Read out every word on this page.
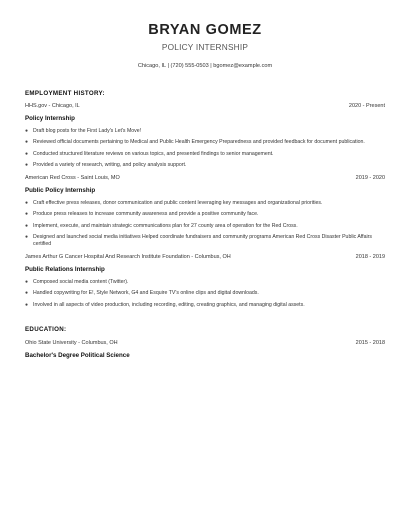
BRYAN GOMEZ
POLICY INTERNSHIP
Chicago, IL | (720) 555-0503 | bgomez@example.com
EMPLOYMENT HISTORY:
HHS.gov - Chicago, IL	2020 - Present
Policy Internship
● Draft blog posts for the First Lady's Let's Move!
● Reviewed official documents pertaining to Medical and Public Health Emergency Preparedness and provided feedback for document publication.
● Conducted structured literature reviews on various topics, and presented findings to senior management.
● Provided a variety of research, writing, and policy analysis support.
American Red Cross - Saint Louis, MO	2019 - 2020
Public Policy Internship
● Craft effective press releases, donor communication and public content leveraging key messages and organizational priorities.
● Produce press releases to increase community awareness and provide a positive community face.
● Implement, execute, and maintain strategic communications plan for 27 county area of operation for the Red Cross.
● Designed and launched social media initiatives Helped coordinate fundraisers and community programs American Red Cross Disaster Public Affairs certified
James Arthur G Cancer Hospital And Research Institute Foundation - Columbus, OH	2018 - 2019
Public Relations Internship
● Composed social media content (Twitter).
● Handled copywriting for E!, Style Network, G4 and Esquire TV's online clips and digital downloads.
● Involved in all aspects of video production, including recording, editing, creating graphics, and managing digital assets.
EDUCATION:
Ohio State University - Columbus, OH	2015 - 2018
Bachelor's Degree Political Science
